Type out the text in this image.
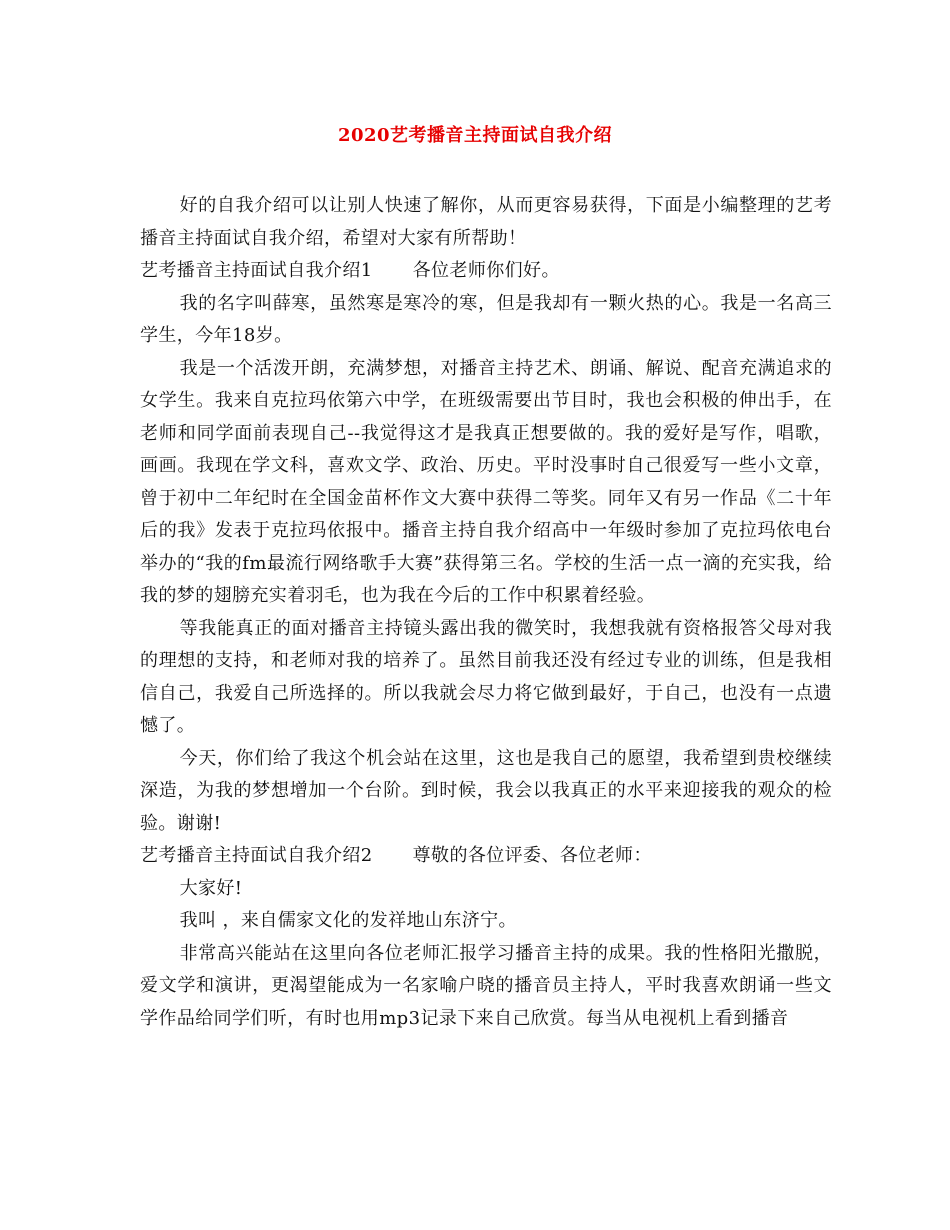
2020艺考播音主持面试自我介绍

好的自我介绍可以让别人快速了解你，从而更容易获得，下面是小编整理的艺考播音主持面试自我介绍，希望对大家有所帮助！

艺考播音主持面试自我介绍1 各位老师你们好。

我的名字叫薛寒，虽然寒是寒冷的寒，但是我却有一颗火热的心。我是一名高三学生，今年18岁。

我是一个活泼开朗，充满梦想，对播音主持艺术、朗诵、解说、配音充满追求的女学生。我来自克拉玛依第六中学，在班级需要出节目时，我也会积极的伸出手，在老师和同学面前表现自己--我觉得这才是我真正想要做的。我的爱好是写作，唱歌，画画。我现在学文科，喜欢文学、政治、历史。平时没事时自己很爱写一些小文章，曾于初中二年纪时在全国金苗杯作文大赛中获得二等奖。同年又有另一作品《二十年后的我》发表于克拉玛依报中。播音主持自我介绍高中一年级时参加了克拉玛依电台举办的“我的fm最流行网络歌手大赛”获得第三名。学校的生活一点一滴的充实我，给我的梦的翅膀充实着羽毛，也为我在今后的工作中积累着经验。

等我能真正的面对播音主持镜头露出我的微笑时，我想我就有资格报答父母对我的理想的支持，和老师对我的培养了。虽然目前我还没有经过专业的训练，但是我相信自己，我爱自己所选择的。所以我就会尽力将它做到最好，于自己，也没有一点遗憾了。

今天，你们给了我这个机会站在这里，这也是我自己的愿望，我希望到贵校继续深造，为我的梦想增加一个台阶。到时候，我会以我真正的水平来迎接我的观众的检验。谢谢!

艺考播音主持面试自我介绍2 尊敬的各位评委、各位老师：

大家好!

我叫 ，来自儒家文化的发祥地山东济宁。

非常高兴能站在这里向各位老师汇报学习播音主持的成果。我的性格阳光撒脱，爱文学和演讲，更渴望能成为一名家喻户晓的播音员主持人，平时我喜欢朗诵一些文学作品给同学们听，有时也用mp3记录下来自己欣赏。每当从电视机上看到播音
